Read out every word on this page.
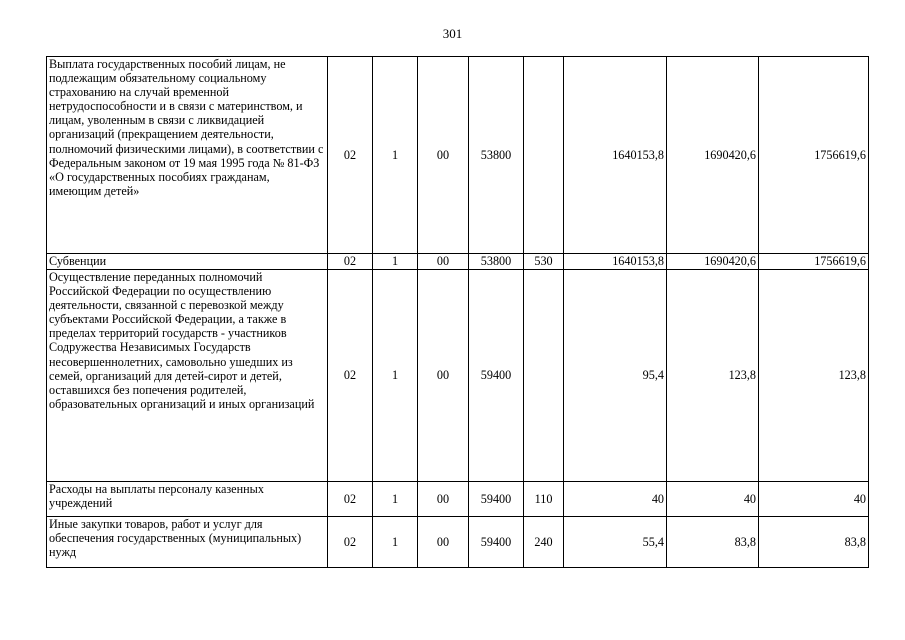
301
Выплата государственных пособий лицам, не подлежащим обязательному социальному страхованию на случай временной нетрудоспособности и в связи с материнством, и лицам, уволенным в связи с ликвидацией организаций (прекращением деятельности, полномочий физическими лицами), в соответствии с Федеральным законом от 19 мая 1995 года № 81-ФЗ «О государственных пособиях гражданам, имеющим детей»	02	1	00	53800		1640153,8	1690420,6	1756619,6
Субвенции	02	1	00	53800	530	1640153,8	1690420,6	1756619,6
Осуществление переданных полномочий Российской Федерации по осуществлению деятельности, связанной с перевозкой между субъектами Российской Федерации, а также в пределах территорий государств - участников Содружества Независимых Государств несовершеннолетних, самовольно ушедших из семей, организаций для детей-сирот и детей, оставшихся без попечения родителей, образовательных организаций и иных организаций	02	1	00	59400		95,4	123,8	123,8
Расходы на выплаты персоналу казенных учреждений	02	1	00	59400	110	40	40	40
Иные закупки товаров, работ и услуг для обеспечения государственных (муниципальных) нужд	02	1	00	59400	240	55,4	83,8	83,8
